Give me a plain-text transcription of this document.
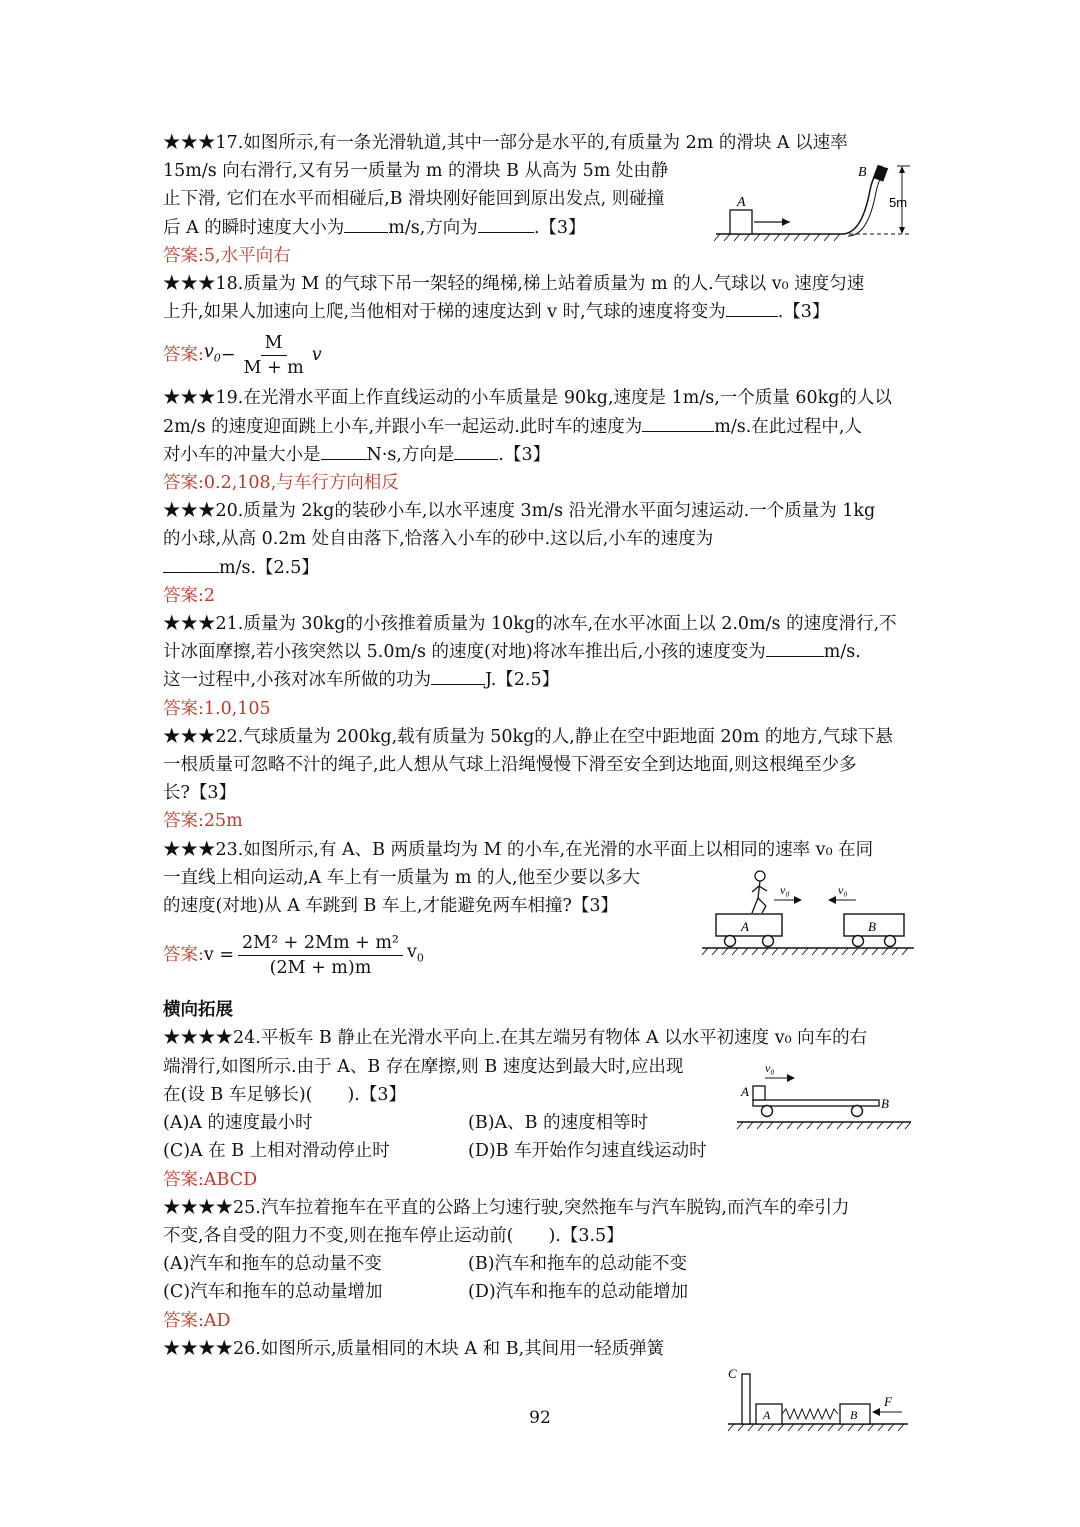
★★★17.如图所示,有一条光滑轨道,其中一部分是水平的,有质量为 2m 的滑块 A 以速率

15m/s 向右滑行,又有另一质量为 m 的滑块 B 从高为 5m 处由静

止下滑, 它们在水平而相碰后,B 滑块刚好能回到原出发点, 则碰撞

后 A 的瞬时速度大小为	m/s,方向为	.【3】

答案:5,水平向右

★★★18.质量为 M 的气球下吊一架轻的绳梯,梯上站着质量为 m 的人.气球以 v₀ 速度匀速

上升,如果人加速向上爬,当他相对于梯的速度达到 v 时,气球的速度将变为	.【3】

答案: $v_0 - \frac{M}{M + m}$ v

★★★19.在光滑水平面上作直线运动的小车质量是 90kg,速度是 1m/s,一个质量 60kg的人以

2m/s 的速度迎面跳上小车,并跟小车一起运动.此时车的速度为	m/s.在此过程中,人

对小车的冲量大小是	N·s,方向是	.【3】

答案:0.2,108,与车行方向相反

★★★20.质量为 2kg的装砂小车,以水平速度 3m/s 沿光滑水平面匀速运动.一个质量为 1kg

的小球,从高 0.2m 处自由落下,恰落入小车的砂中.这以后,小车的速度为

m/s.【2.5】

答案:2

★★★21.质量为 30kg的小孩推着质量为 10kg的冰车,在水平冰面上以 2.0m/s 的速度滑行,不

计冰面摩擦,若小孩突然以 5.0m/s 的速度(对地)将冰车推出后,小孩的速度变为	m/s.

这一过程中,小孩对冰车所做的功为	J.【2.5】

答案:1.0,105

★★★22.气球质量为 200kg,载有质量为 50kg的人,静止在空中距地面 20m 的地方,气球下悬

一根质量可忽略不汁的绳子,此人想从气球上沿绳慢慢下滑至安全到达地面,则这根绳至少多

长?【3】

答案:25m

★★★23.如图所示,有 A、B 两质量均为 M 的小车,在光滑的水平面上以相同的速率 v₀ 在同

一直线上相向运动,A 车上有一质量为 m 的人,他至少要以多大

的速度(对地)从 A 车跳到 B 车上,才能避免两车相撞?【3】

答案: $v = \frac{\text{2M² + 2Mm + m²}}{(2M + m)m} v_0$

横向拓展

★★★★24.平板车 B 静止在光滑水平向上.在其左端另有物体 A 以水平初速度 v₀ 向车的右

端滑行,如图所示.由于 A、B 存在摩擦,则 B 速度达到最大时,应出现

在(设 B 车足够长)(　　).【3】

(A)A 的速度最小时	(B)A、B 的速度相等时

(C)A 在 B 上相对滑动停止时	(D)B 车开始作匀速直线运动时

答案:ABCD

★★★★25.汽车拉着拖车在平直的公路上匀速行驶,突然拖车与汽车脱钩,而汽车的牵引力

不变,各自受的阻力不变,则在拖车停止运动前(　　).【3.5】

(A)汽车和拖车的总动量不变	(B)汽车和拖车的总动能不变

(C)汽车和拖车的总动量增加	(D)汽车和拖车的总动能增加

答案:AD

★★★★26.如图所示,质量相同的木块 A 和 B,其间用一轻质弹簧

A
B
5m
A
v₀
B
v₀
v₀
A
B
C
A	B
F
92
